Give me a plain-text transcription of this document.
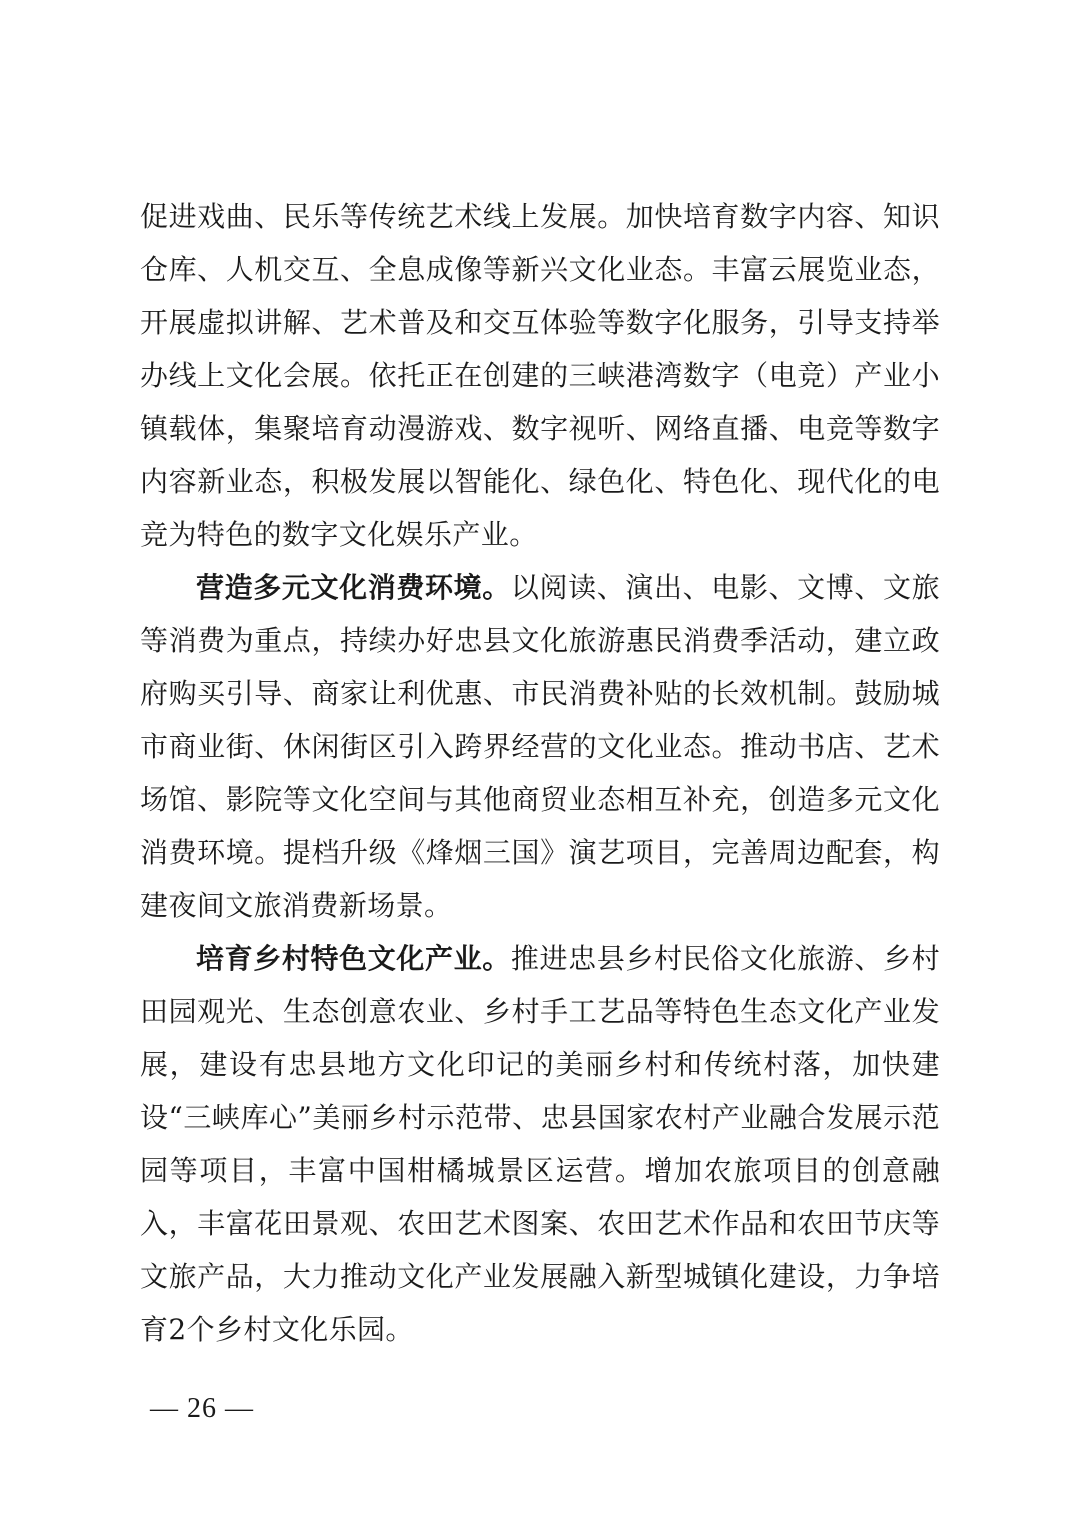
促进戏曲、民乐等传统艺术线上发展。加快培育数字内容、知识仓库、人机交互、全息成像等新兴文化业态。丰富云展览业态，开展虚拟讲解、艺术普及和交互体验等数字化服务，引导支持举办线上文化会展。依托正在创建的三峡港湾数字（电竞）产业小镇载体，集聚培育动漫游戏、数字视听、网络直播、电竞等数字内容新业态，积极发展以智能化、绿色化、特色化、现代化的电竞为特色的数字文化娱乐产业。

营造多元文化消费环境。以阅读、演出、电影、文博、文旅等消费为重点，持续办好忠县文化旅游惠民消费季活动，建立政府购买引导、商家让利优惠、市民消费补贴的长效机制。鼓励城市商业街、休闲街区引入跨界经营的文化业态。推动书店、艺术场馆、影院等文化空间与其他商贸业态相互补充，创造多元文化消费环境。提档升级《烽烟三国》演艺项目，完善周边配套，构建夜间文旅消费新场景。

培育乡村特色文化产业。推进忠县乡村民俗文化旅游、乡村田园观光、生态创意农业、乡村手工艺品等特色生态文化产业发展，建设有忠县地方文化印记的美丽乡村和传统村落，加快建设“三峡库心”美丽乡村示范带、忠县国家农村产业融合发展示范园等项目，丰富中国柑橘城景区运营。增加农旅项目的创意融入，丰富花田景观、农田艺术图案、农田艺术作品和农田节庆等文旅产品，大力推动文化产业发展融入新型城镇化建设，力争培育2个乡村文化乐园。

— 26 —
